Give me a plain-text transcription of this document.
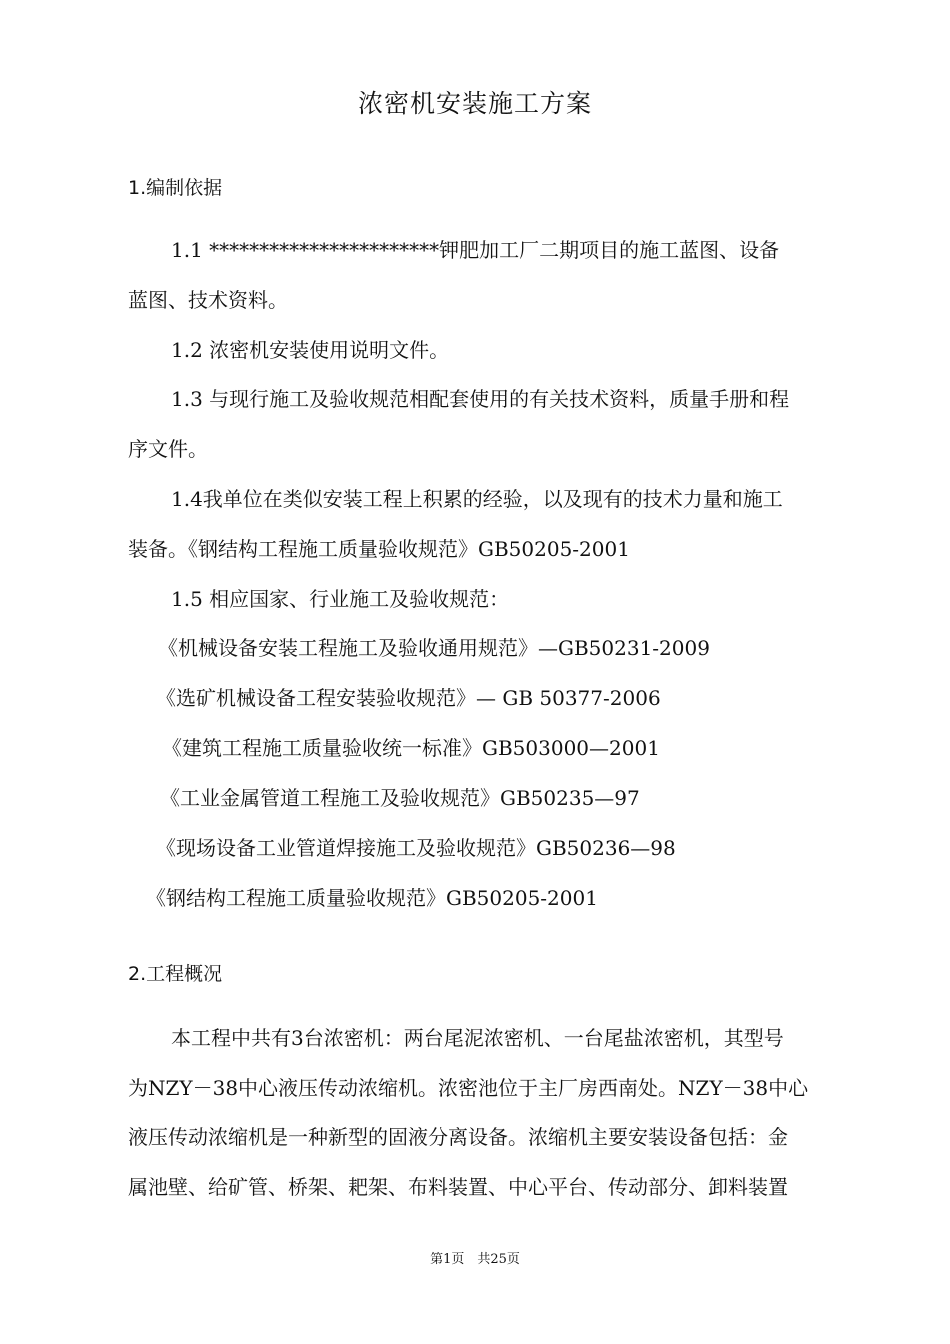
浓密机安装施工方案
1.编制依据
1.1 ***********************钾肥加工厂二期项目的施工蓝图、设备
蓝图、技术资料。
1.2 浓密机安装使用说明文件。
1.3 与现行施工及验收规范相配套使用的有关技术资料，质量手册和程
序文件。
1.4我单位在类似安装工程上积累的经验，以及现有的技术力量和施工
装备。《钢结构工程施工质量验收规范》GB50205-2001
1.5 相应国家、行业施工及验收规范：
《机械设备安装工程施工及验收通用规范》—GB50231-2009
《选矿机械设备工程安装验收规范》— GB 50377-2006
《建筑工程施工质量验收统一标准》GB503000—2001
《工业金属管道工程施工及验收规范》GB50235—97
《现场设备工业管道焊接施工及验收规范》GB50236—98
《钢结构工程施工质量验收规范》GB50205-2001
2.工程概况
本工程中共有3台浓密机：两台尾泥浓密机、一台尾盐浓密机，其型号
为NZY－38中心液压传动浓缩机。浓密池位于主厂房西南处。NZY－38中心
液压传动浓缩机是一种新型的固液分离设备。浓缩机主要安装设备包括：金
属池壁、给矿管、桥架、耙架、布料装置、中心平台、传动部分、卸料装置
第1页　共25页
